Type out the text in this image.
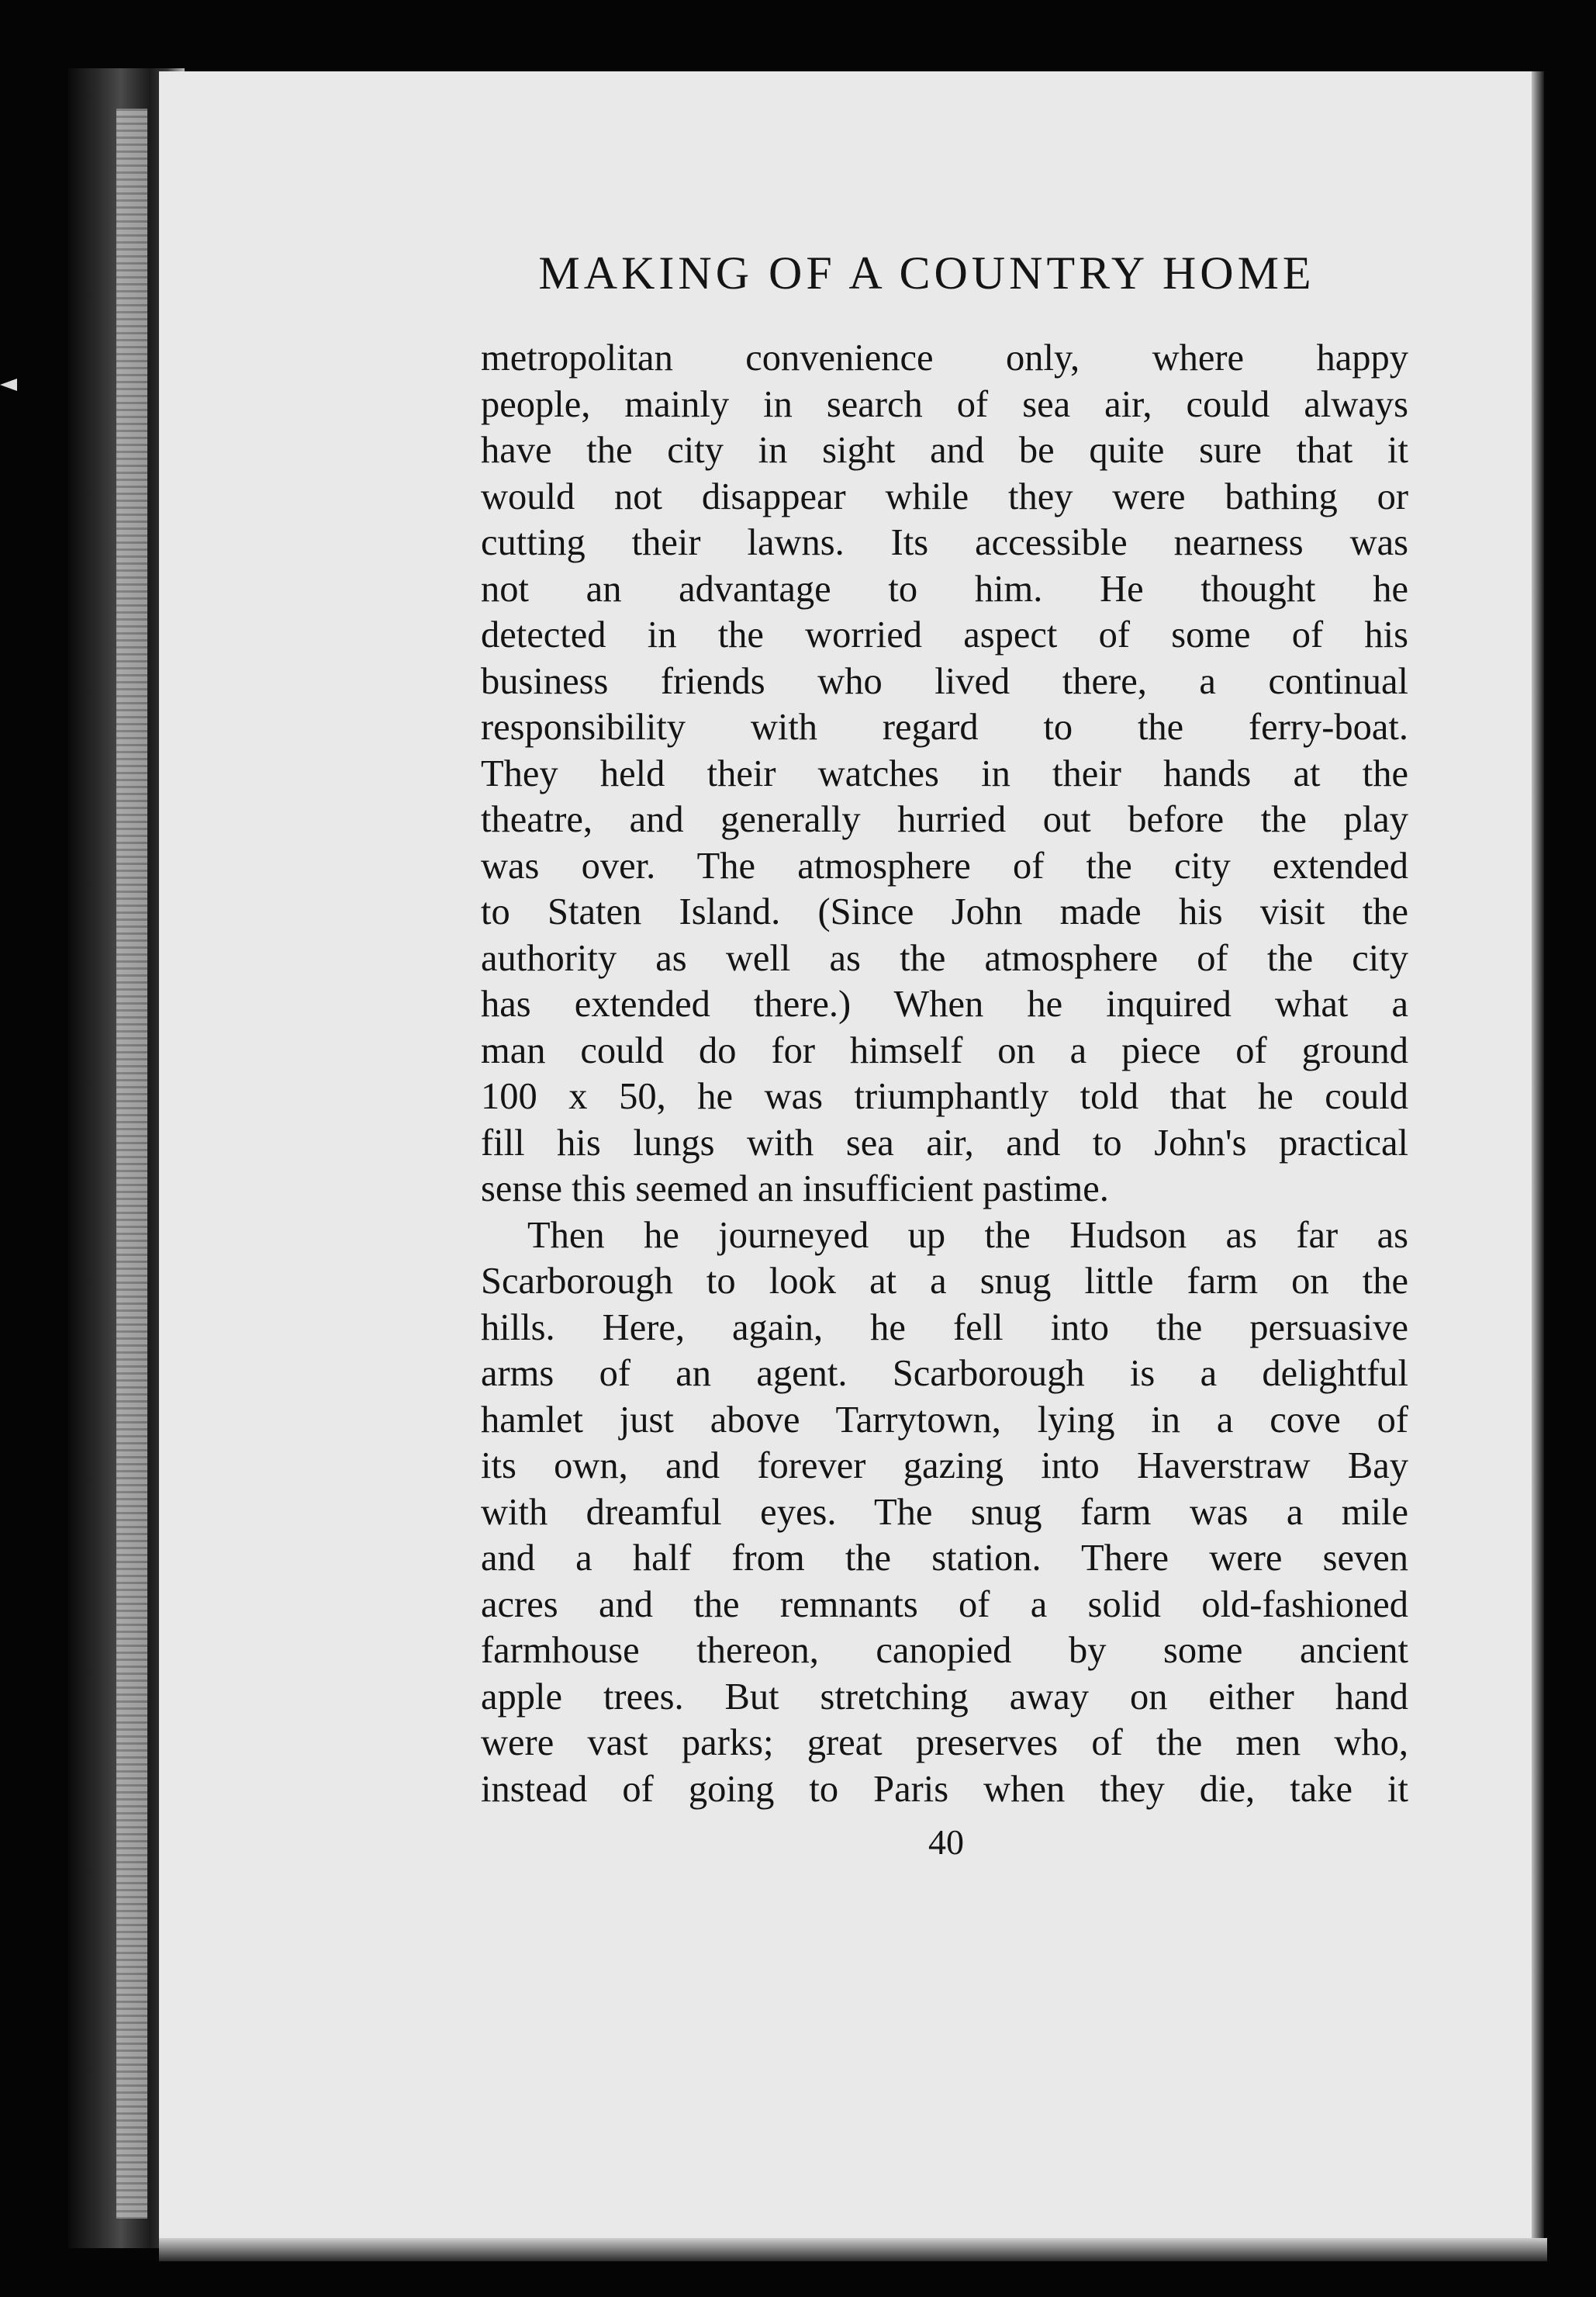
MAKING OF A COUNTRY HOME
metropolitan convenience only, where happy
people, mainly in search of sea air, could always
have the city in sight and be quite sure that it
would not disappear while they were bathing or
cutting their lawns. Its accessible nearness was
not an advantage to him. He thought he
detected in the worried aspect of some of his
business friends who lived there, a continual
responsibility with regard to the ferry-boat.
They held their watches in their hands at the
theatre, and generally hurried out before the play
was over. The atmosphere of the city extended
to Staten Island. (Since John made his visit the
authority as well as the atmosphere of the city
has extended there.) When he inquired what a
man could do for himself on a piece of ground
100 x 50, he was triumphantly told that he could
fill his lungs with sea air, and to John's practical
sense this seemed an insufficient pastime.
Then he journeyed up the Hudson as far as
Scarborough to look at a snug little farm on the
hills. Here, again, he fell into the persuasive
arms of an agent. Scarborough is a delightful
hamlet just above Tarrytown, lying in a cove of
its own, and forever gazing into Haverstraw Bay
with dreamful eyes. The snug farm was a mile
and a half from the station. There were seven
acres and the remnants of a solid old-fashioned
farmhouse thereon, canopied by some ancient
apple trees. But stretching away on either hand
were vast parks; great preserves of the men who,
instead of going to Paris when they die, take it
40
